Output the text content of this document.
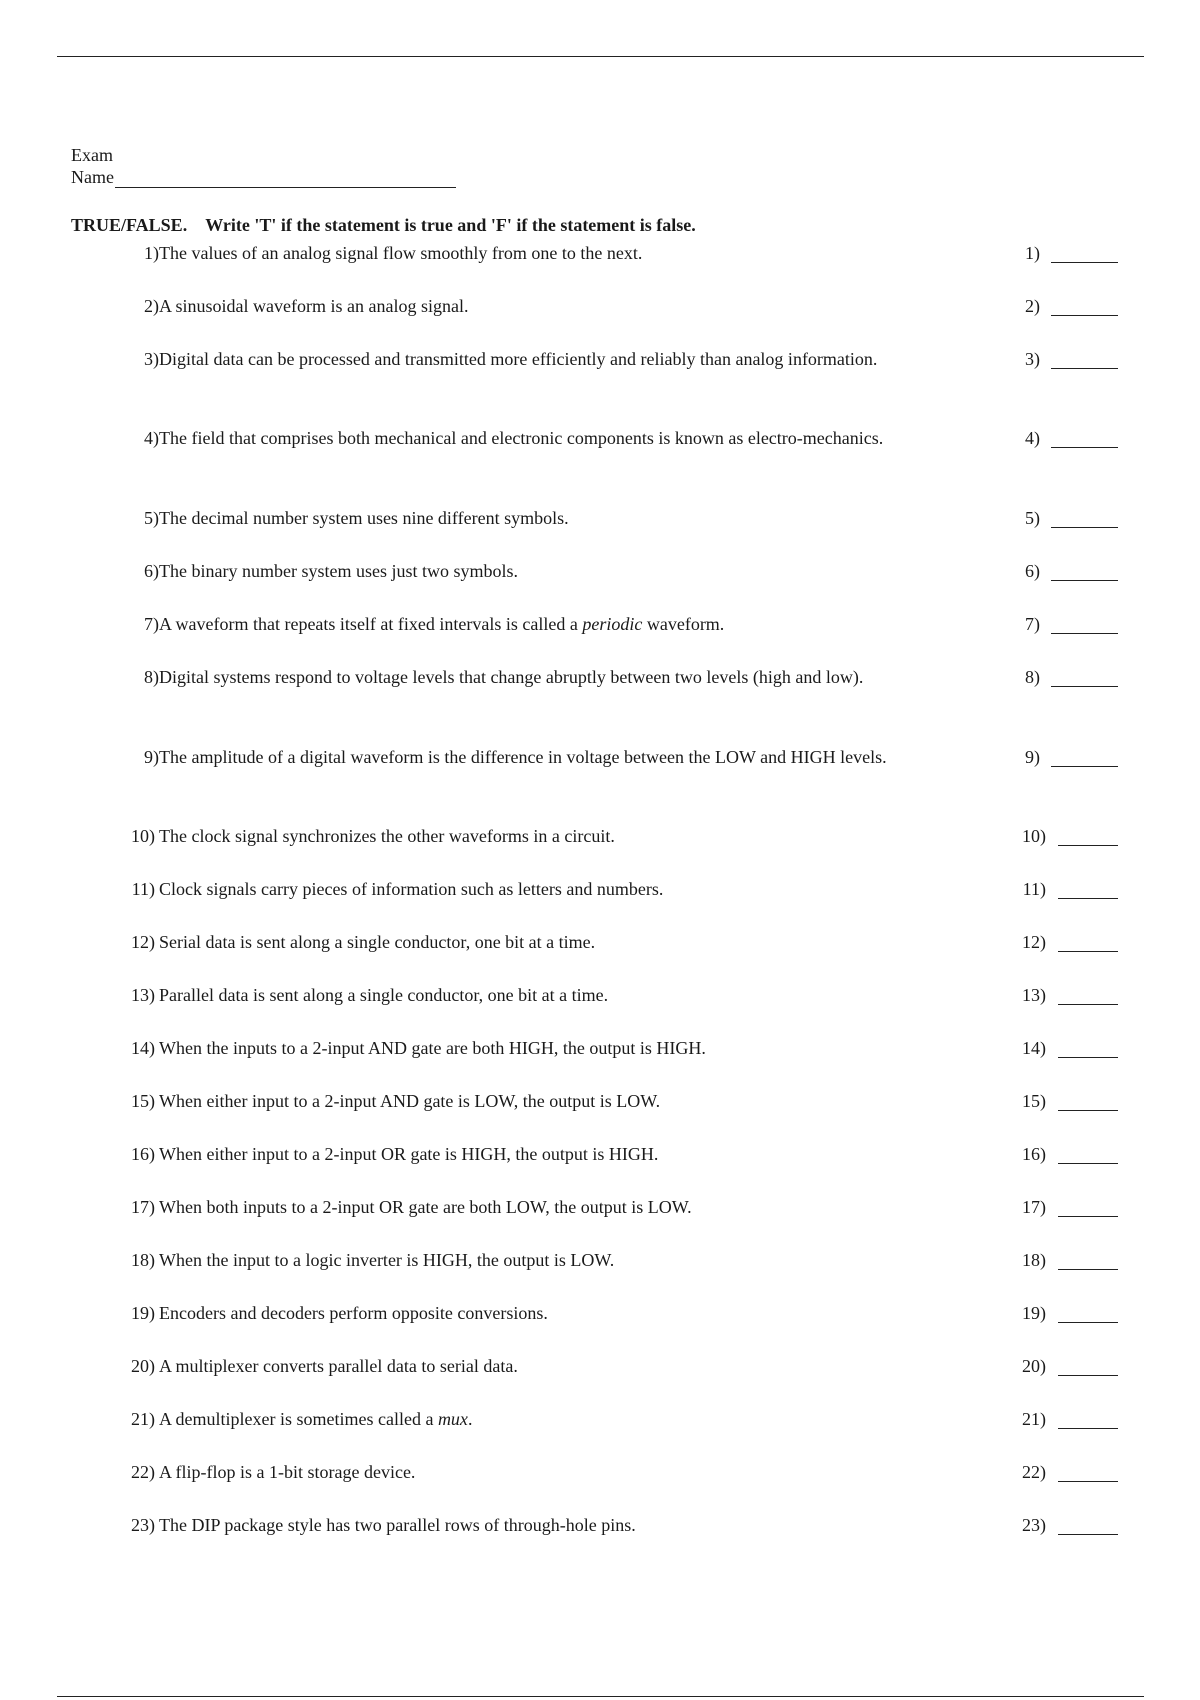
Exam
Name
TRUE/FALSE. Write 'T' if the statement is true and 'F' if the statement is false.
1) The values of an analog signal flow smoothly from one to the next.	1)
2) A sinusoidal waveform is an analog signal.	2)
3) Digital data can be processed and transmitted more efficiently and reliably than analog information.	3)
4) The field that comprises both mechanical and electronic components is known as electro-mechanics.	4)
5) The decimal number system uses nine different symbols.	5)
6) The binary number system uses just two symbols.	6)
7) A waveform that repeats itself at fixed intervals is called a periodic waveform.	7)
8) Digital systems respond to voltage levels that change abruptly between two levels (high and low).	8)
9) The amplitude of a digital waveform is the difference in voltage between the LOW and HIGH levels.	9)
10) The clock signal synchronizes the other waveforms in a circuit.	10)
11) Clock signals carry pieces of information such as letters and numbers.	11)
12) Serial data is sent along a single conductor, one bit at a time.	12)
13) Parallel data is sent along a single conductor, one bit at a time.	13)
14) When the inputs to a 2-input AND gate are both HIGH, the output is HIGH.	14)
15) When either input to a 2-input AND gate is LOW, the output is LOW.	15)
16) When either input to a 2-input OR gate is HIGH, the output is HIGH.	16)
17) When both inputs to a 2-input OR gate are both LOW, the output is LOW.	17)
18) When the input to a logic inverter is HIGH, the output is LOW.	18)
19) Encoders and decoders perform opposite conversions.	19)
20) A multiplexer converts parallel data to serial data.	20)
21) A demultiplexer is sometimes called a mux.	21)
22) A flip-flop is a 1-bit storage device.	22)
23) The DIP package style has two parallel rows of through-hole pins.	23)
